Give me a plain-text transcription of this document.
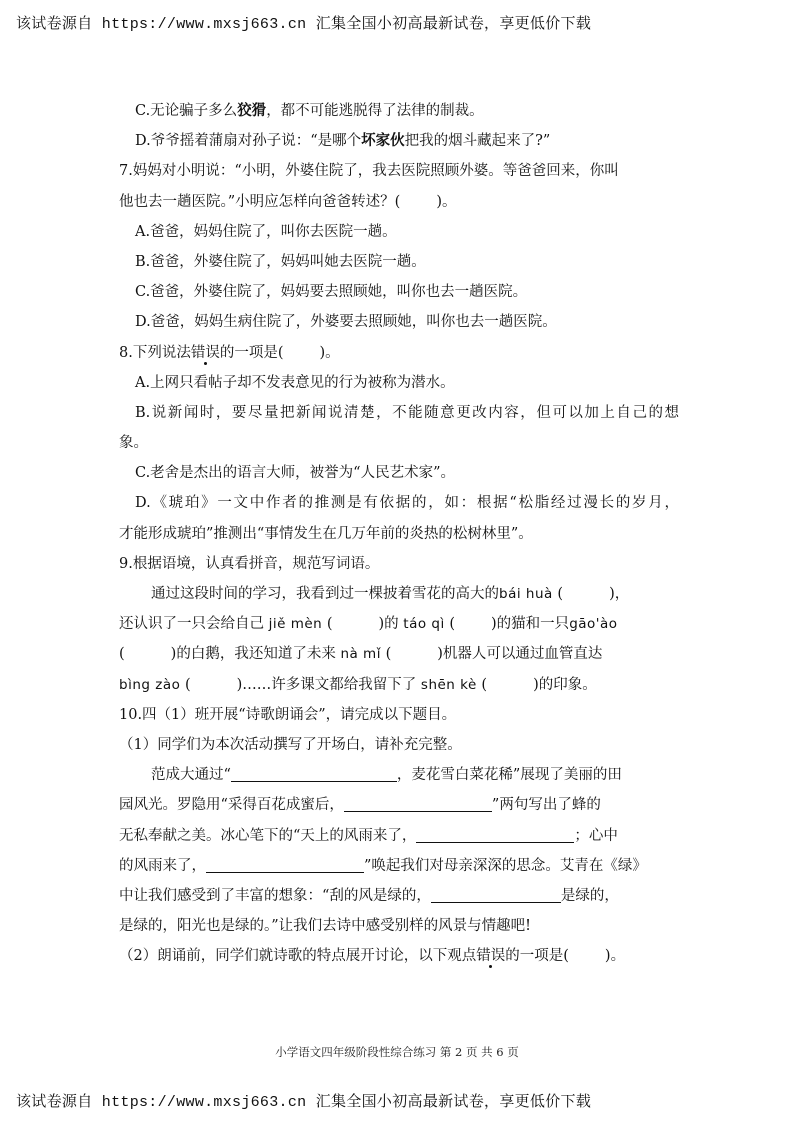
该试卷源自 https://www.mxsj663.cn 汇集全国小初高最新试卷，享更低价下载
C.无论骗子多么狡猾，都不可能逃脱得了法律的制裁。
D.爷爷摇着蒲扇对孙子说：“是哪个坏家伙把我的烟斗藏起来了?”
7.妈妈对小明说：“小明，外婆住院了，我去医院照顾外婆。等爸爸回来，你叫
他也去一趟医院。”小明应怎样向爸爸转述？( )。
A.爸爸，妈妈住院了，叫你去医院一趟。
B.爸爸，外婆住院了，妈妈叫她去医院一趟。
C.爸爸，外婆住院了，妈妈要去照顾她，叫你也去一趟医院。
D.爸爸，妈妈生病住院了，外婆要去照顾她，叫你也去一趟医院。
8.下列说法错误的一项是( )。
A.上网只看帖子却不发表意见的行为被称为潜水。
B.说新闻时，要尽量把新闻说清楚，不能随意更改内容，但可以加上自己的想
象。
C.老舍是杰出的语言大师，被誉为“人民艺术家”。
D.《琥珀》一文中作者的推测是有依据的，如：根据“松脂经过漫长的岁月，
才能形成琥珀”推测出“事情发生在几万年前的炎热的松树林里”。
9.根据语境，认真看拼音，规范写词语。
通过这段时间的学习，我看到过一棵披着雪花的高大的bái huà (	)，
还认识了一只会给自己 jiě mèn (	)的 táo qì ( )的猫和一只gāo'ào
(	)的白鹅，我还知道了未来 nà mǐ (	)机器人可以通过血管直达
bìng zào (	)……许多课文都给我留下了 shēn kè (	)的印象。
10.四（1）班开展“诗歌朗诵会”，请完成以下题目。
（1）同学们为本次活动撰写了开场白，请补充完整。
范成大通过“	，麦花雪白菜花稀”展现了美丽的田
园风光。罗隐用“采得百花成蜜后，	”两句写出了蜂的
无私奉献之美。冰心笔下的“天上的风雨来了，	；心中
的风雨来了，	”唤起我们对母亲深深的思念。艾青在《绿》
中让我们感受到了丰富的想象：“刮的风是绿的，	是绿的，
是绿的，阳光也是绿的。”让我们去诗中感受别样的风景与情趣吧!
（2）朗诵前，同学们就诗歌的特点展开讨论，以下观点错误的一项是( )。
小学语文四年级阶段性综合练习 第 2 页 共 6 页
该试卷源自 https://www.mxsj663.cn 汇集全国小初高最新试卷，享更低价下载
